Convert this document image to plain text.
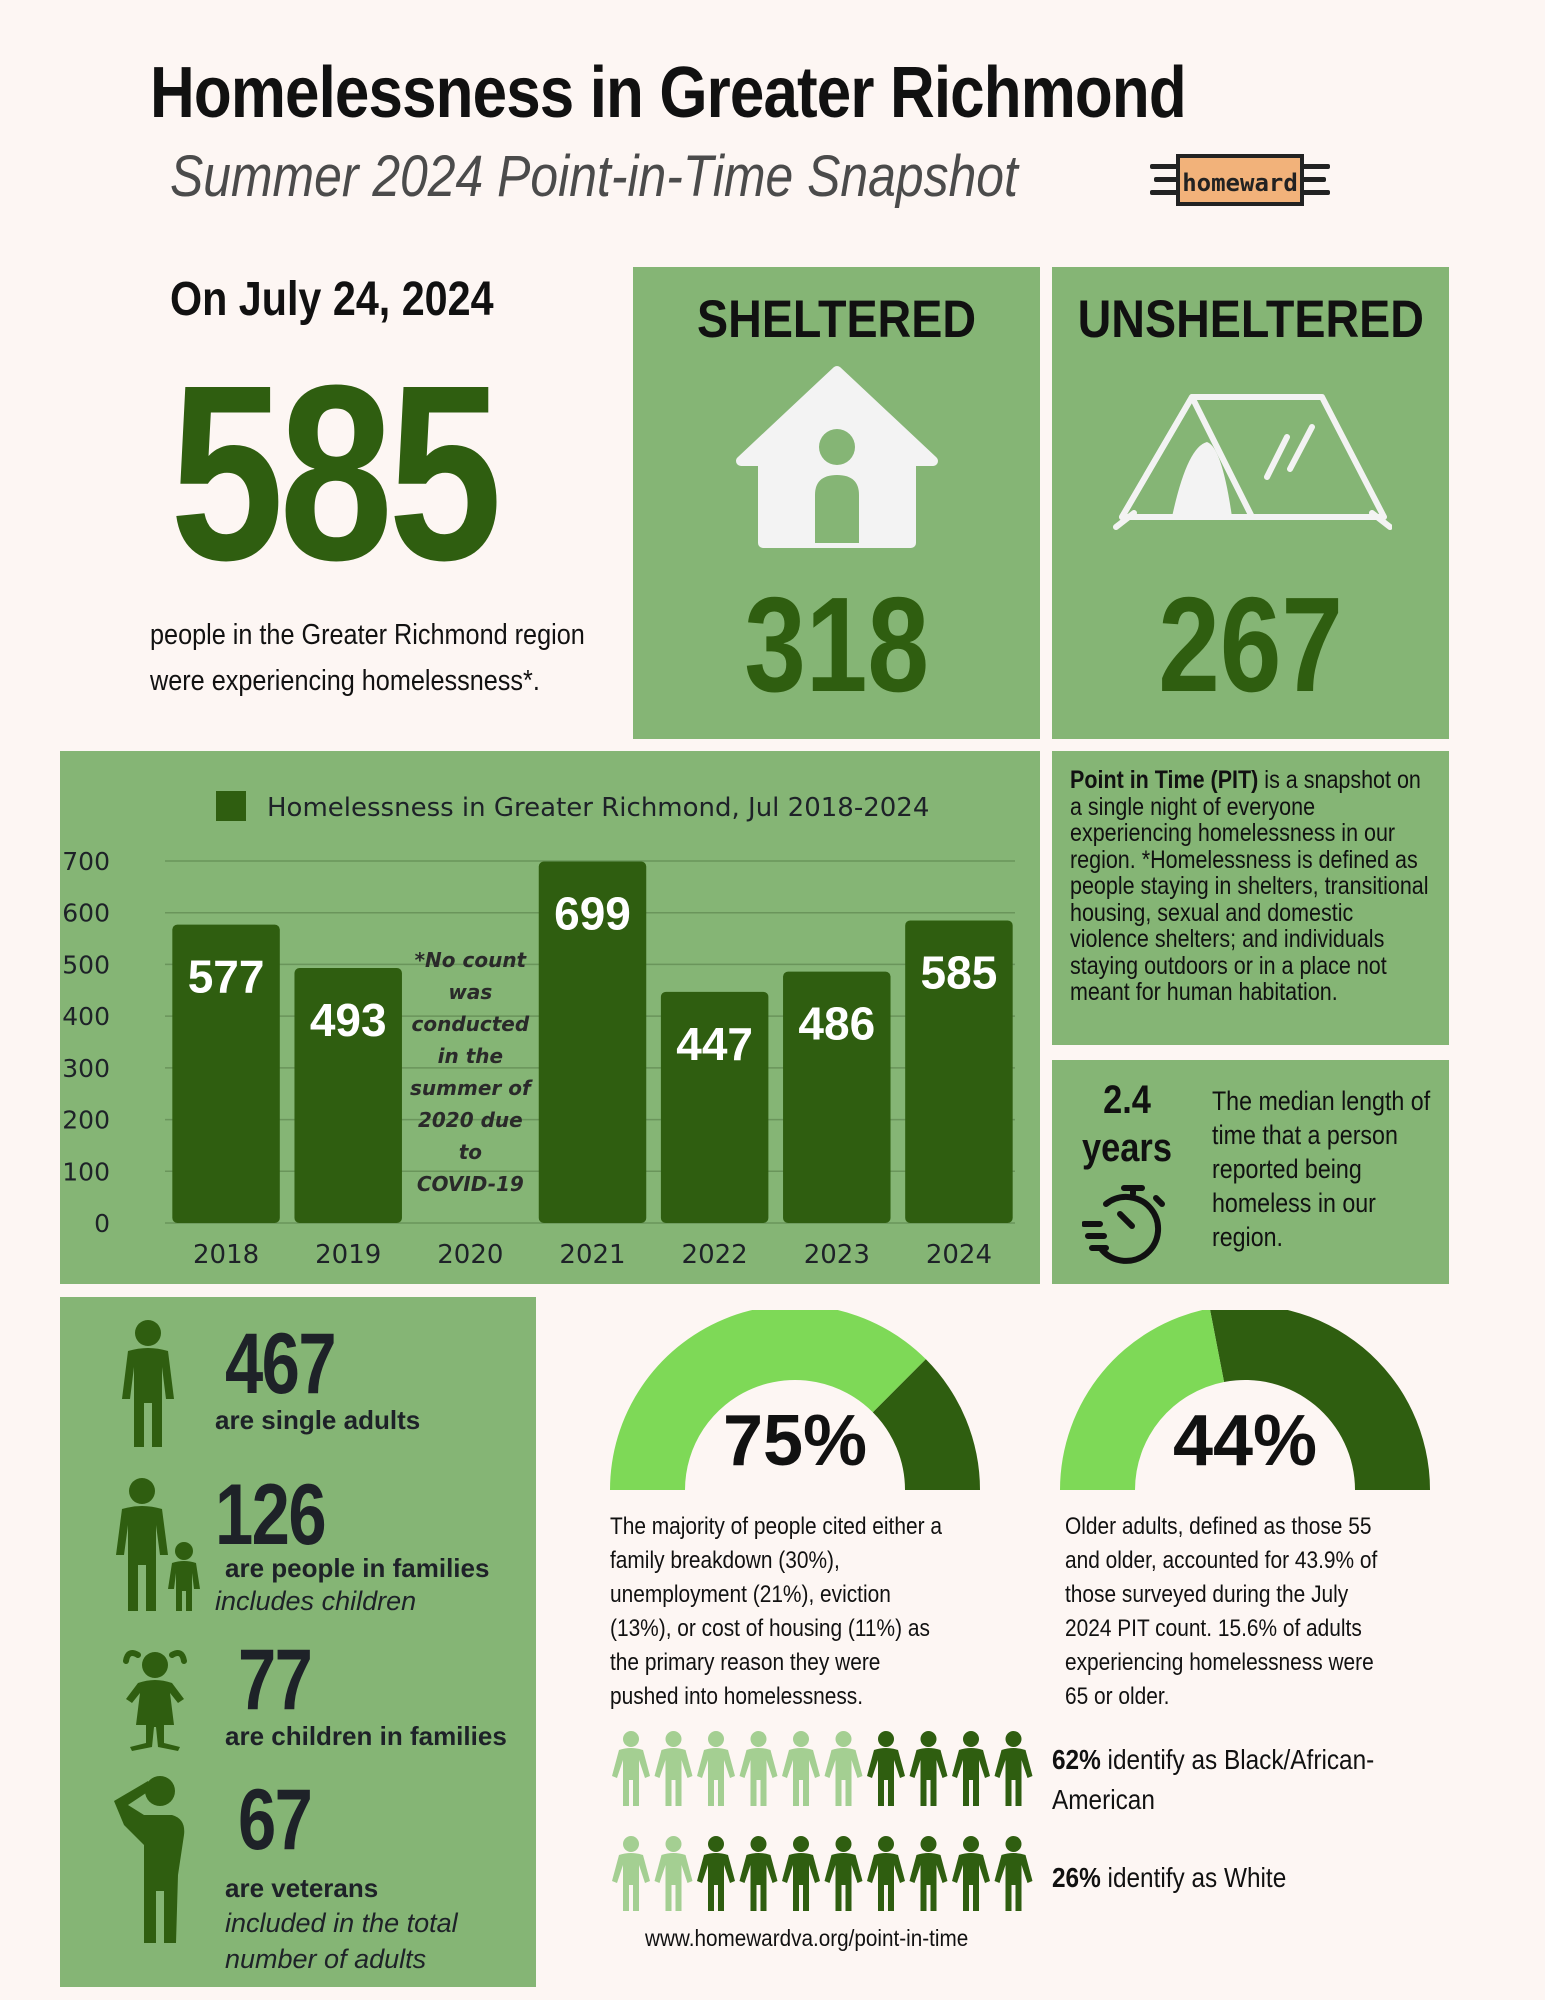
Homelessness in Greater Richmond
Summer 2024 Point-in-Time Snapshot	homeward
On July 24, 2024
585
people in the Greater Richmond region
were experiencing homelessness*.
SHELTERED
318
UNSHELTERED
267
Homelessness in Greater Richmond, Jul 2018-2024
0
100
200
300
400
500
600
700
577
493
699
447 486
585
2018 2019 2020 2021 2022 2023 2024
*No count was conducted in the summer of 2020 due to COVID-19
Point in Time (PIT) is a snapshot on a single night of everyone experiencing homelessness in our region. *Homelessness is defined as people staying in shelters, transitional housing, sexual and domestic violence shelters; and individuals staying outdoors or in a place not meant for human habitation.
2.4
years
The median length of time that a person reported being homeless in our region.
467
are single adults
126
are people in families
includes children
77
are children in families
67
are veterans
included in the total
number of adults
75%
The majority of people cited either a
family breakdown (30%),
unemployment (21%), eviction
(13%), or cost of housing (11%) as
the primary reason they were
pushed into homelessness.
44%
Older adults, defined as those 55
and older, accounted for 43.9% of
those surveyed during the July
2024 PIT count. 15.6% of adults
experiencing homelessness were
65 or older.
62% identify as Black/African-
American
26% identify as White
www.homewardva.org/point-in-time
